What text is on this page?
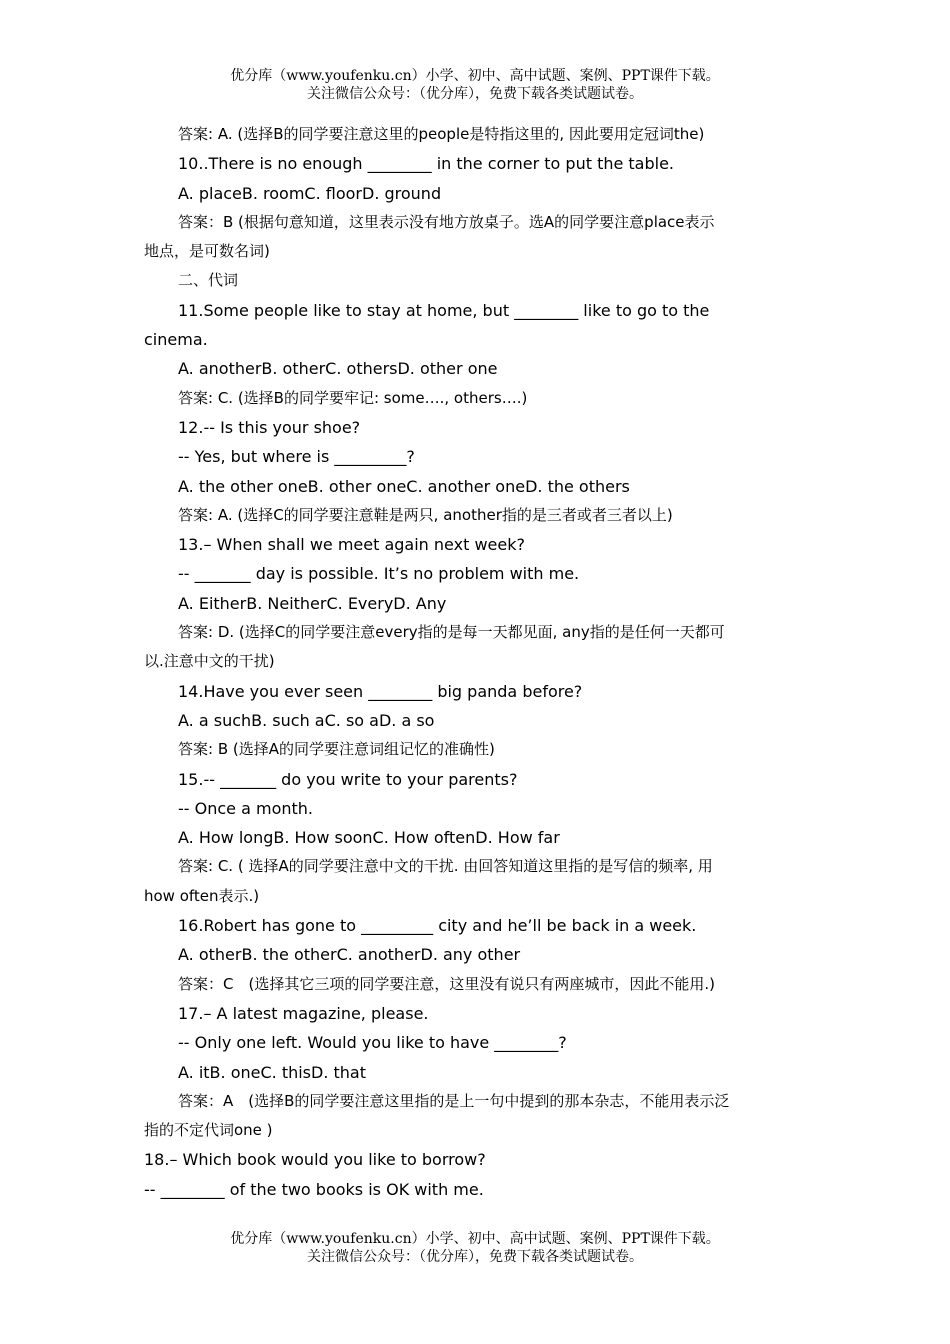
优分库（www.youfenku.cn）小学、初中、高中试题、案例、PPT课件下载。
关注微信公众号：（优分库），免费下载各类试题试卷。
答案: A. (选择B的同学要注意这里的people是特指这里的, 因此要用定冠词the)
10..There is no enough ________ in the corner to put the table.
A. placeB. roomC. floorD. ground
答案：B (根据句意知道，这里表示没有地方放桌子。选A的同学要注意place表示
地点，是可数名词)
二、代词
11.Some people like to stay at home, but ________ like to go to the
cinema.
A. anotherB. otherC. othersD. other one
答案: C. (选择B的同学要牢记: some…., others….)
12.-- Is this your shoe?
-- Yes, but where is _________?
A. the other oneB. other oneC. another oneD. the others
答案: A. (选择C的同学要注意鞋是两只, another指的是三者或者三者以上)
13.– When shall we meet again next week?
-- _______ day is possible. It’s no problem with me.
A. EitherB. NeitherC. EveryD. Any
答案: D. (选择C的同学要注意every指的是每一天都见面, any指的是任何一天都可
以.注意中文的干扰)
14.Have you ever seen ________ big panda before?
A. a suchB. such aC. so aD. a so
答案: B (选择A的同学要注意词组记忆的准确性)
15.-- _______ do you write to your parents?
-- Once a month.
A. How longB. How soonC. How oftenD. How far
答案: C. ( 选择A的同学要注意中文的干扰. 由回答知道这里指的是写信的频率, 用
how often表示.)
16.Robert has gone to _________ city and he’ll be back in a week.
A. otherB. the otherC. anotherD. any other
答案：C　(选择其它三项的同学要注意，这里没有说只有两座城市，因此不能用.)
17.– A latest magazine, please.
-- Only one left. Would you like to have ________?
A. itB. oneC. thisD. that
答案：A　(选择B的同学要注意这里指的是上一句中提到的那本杂志，不能用表示泛
指的不定代词one )
18.– Which book would you like to borrow?
-- ________ of the two books is OK with me.
优分库（www.youfenku.cn）小学、初中、高中试题、案例、PPT课件下载。
关注微信公众号：（优分库），免费下载各类试题试卷。
